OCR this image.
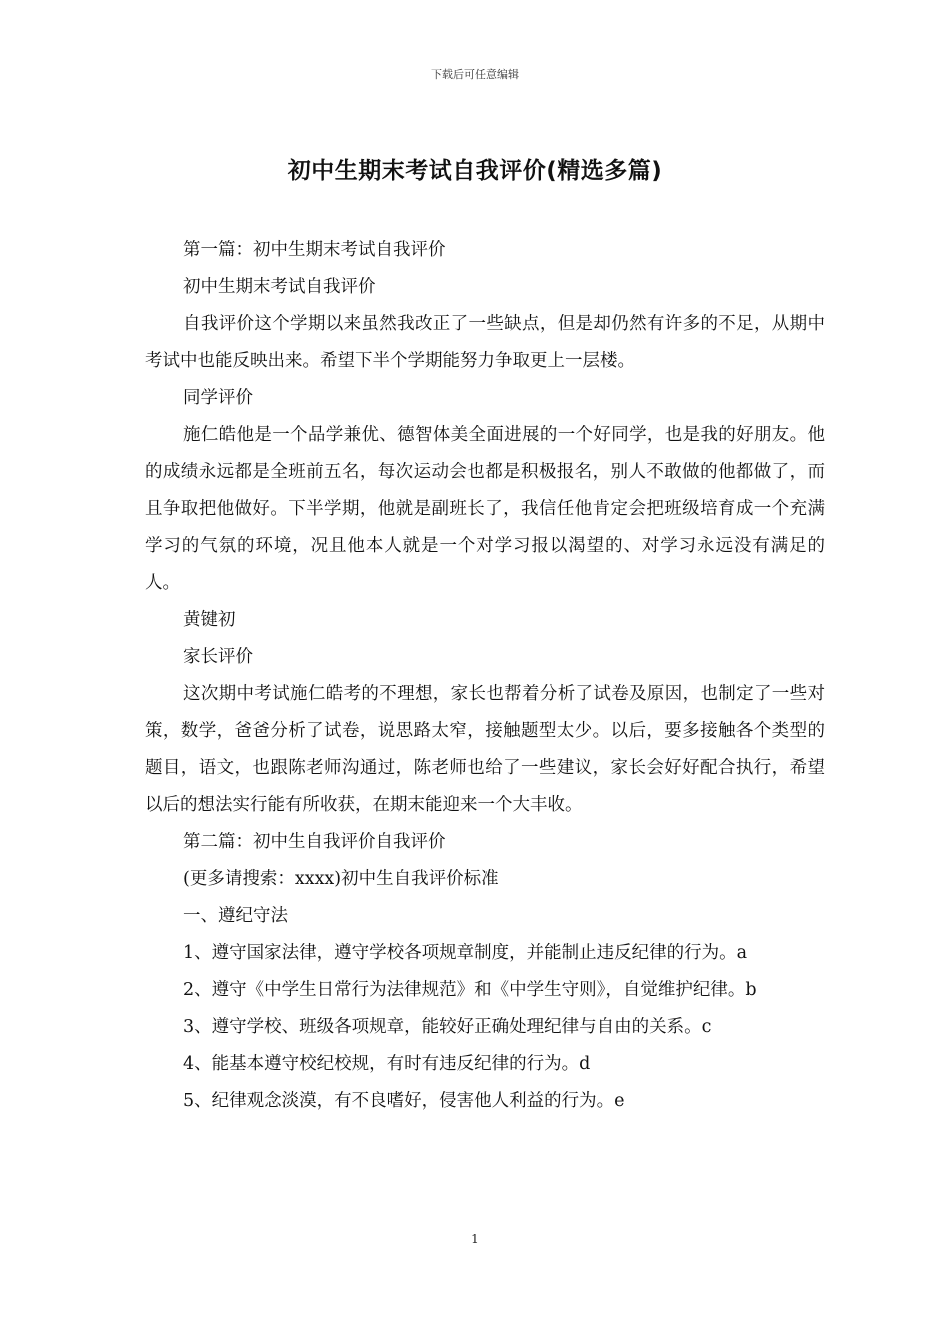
下载后可任意编辑
初中生期末考试自我评价(精选多篇)

第一篇：初中生期末考试自我评价

初中生期末考试自我评价

自我评价这个学期以来虽然我改正了一些缺点，但是却仍然有许多的不足，从期中考试中也能反映出来。希望下半个学期能努力争取更上一层楼。

同学评价

施仁皓他是一个品学兼优、德智体美全面进展的一个好同学，也是我的好朋友。他的成绩永远都是全班前五名，每次运动会也都是积极报名，别人不敢做的他都做了，而且争取把他做好。下半学期，他就是副班长了，我信任他肯定会把班级培育成一个充满学习的气氛的环境，况且他本人就是一个对学习报以渴望的、对学习永远没有满足的人。

黄键初

家长评价

这次期中考试施仁皓考的不理想，家长也帮着分析了试卷及原因，也制定了一些对策，数学，爸爸分析了试卷，说思路太窄，接触题型太少。以后，要多接触各个类型的题目，语文，也跟陈老师沟通过，陈老师也给了一些建议，家长会好好配合执行，希望以后的想法实行能有所收获，在期末能迎来一个大丰收。

第二篇：初中生自我评价自我评价

(更多请搜索：xxxx)初中生自我评价标准

一、遵纪守法

1、遵守国家法律，遵守学校各项规章制度，并能制止违反纪律的行为。a

2、遵守《中学生日常行为法律规范》和《中学生守则》，自觉维护纪律。b

3、遵守学校、班级各项规章，能较好正确处理纪律与自由的关系。c

4、能基本遵守校纪校规，有时有违反纪律的行为。d

5、纪律观念淡漠，有不良嗜好，侵害他人利益的行为。e

1
